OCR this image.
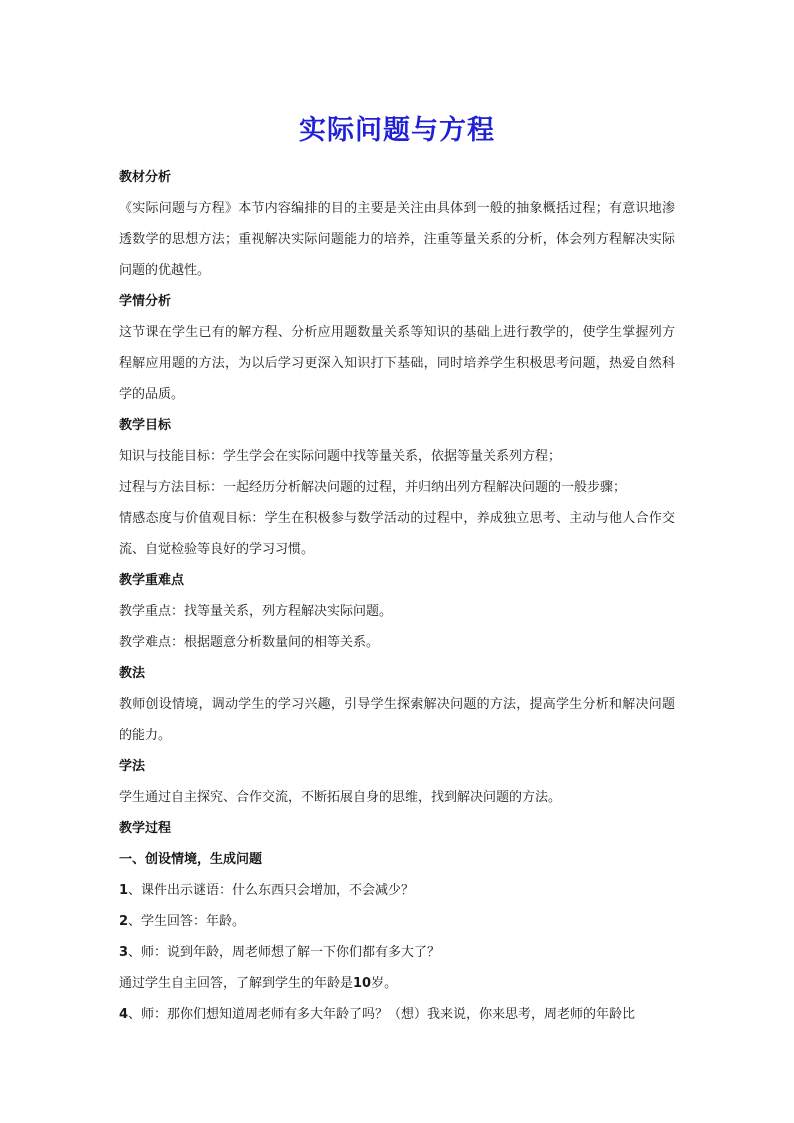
实际问题与方程
教材分析
《实际问题与方程》本节内容编排的目的主要是关注由具体到一般的抽象概括过程；有意识地渗透数学的思想方法；重视解决实际问题能力的培养，注重等量关系的分析，体会列方程解决实际问题的优越性。
学情分析
这节课在学生已有的解方程、分析应用题数量关系等知识的基础上进行教学的，使学生掌握列方程解应用题的方法，为以后学习更深入知识打下基础，同时培养学生积极思考问题，热爱自然科学的品质。
教学目标
知识与技能目标：学生学会在实际问题中找等量关系，依据等量关系列方程；
过程与方法目标：一起经历分析解决问题的过程，并归纳出列方程解决问题的一般步骤；
情感态度与价值观目标：学生在积极参与数学活动的过程中，养成独立思考、主动与他人合作交流、自觉检验等良好的学习习惯。
教学重难点
教学重点：找等量关系，列方程解决实际问题。
教学难点：根据题意分析数量间的相等关系。
教法
教师创设情境，调动学生的学习兴趣，引导学生探索解决问题的方法，提高学生分析和解决问题的能力。
学法
学生通过自主探究、合作交流，不断拓展自身的思维，找到解决问题的方法。
教学过程
一、创设情境，生成问题
1、课件出示谜语：什么东西只会增加，不会减少？
2、学生回答：年龄。
3、师：说到年龄，周老师想了解一下你们都有多大了？
通过学生自主回答，了解到学生的年龄是10岁。
4、师：那你们想知道周老师有多大年龄了吗？（想）我来说，你来思考，周老师的年龄比
